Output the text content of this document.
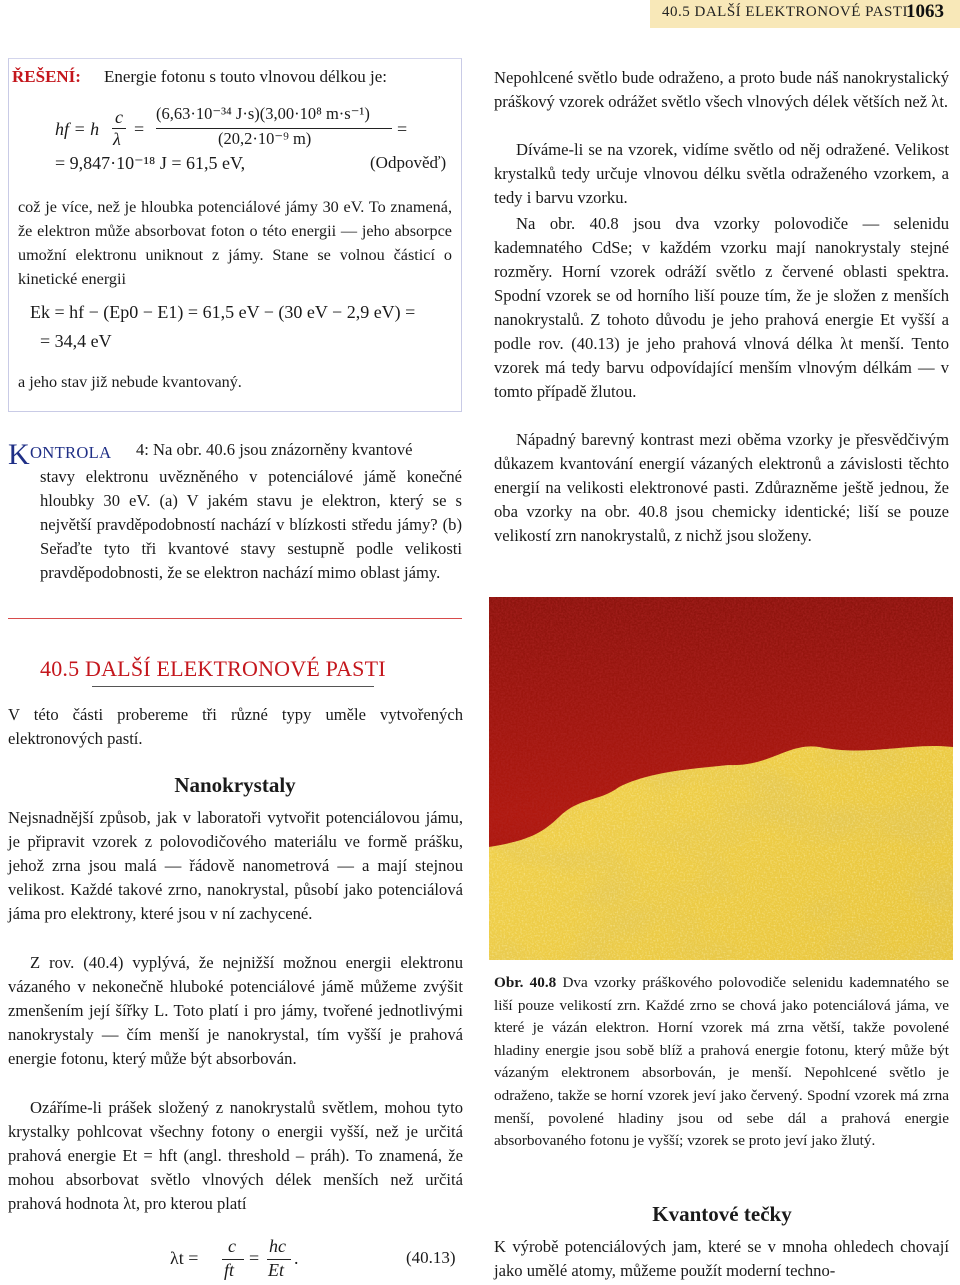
40.5 DALŠÍ ELEKTRONOVÉ PASTI
1063
ŘEŠENÍ: Energie fotonu s touto vlnovou délkou je:
hf = h
c
λ =
(6,63·10⁻³⁴ J·s)(3,00·10⁸ m·s⁻¹)
(20,2·10⁻⁹ m)	=
= 9,847·10⁻¹⁸ J = 61,5 eV,	(Odpověď)

což je více, než je hloubka potenciálové jámy 30 eV. To znamená, že elektron může absorbovat foton o této energii — jeho absorpce umožní elektronu uniknout z jámy. Stane se volnou částicí o kinetické energii

Ek = hf − (Ep0 − E1) = 61,5 eV − (30 eV − 2,9 eV) =
= 34,4 eV
a jeho stav již nebude kvantovaný.
K ONTROLA 4: Na obr. 40.6 jsou znázorněny kvantové

stavy elektronu uvězněného v potenciálové jámě konečné hloubky 30 eV. (a) V jakém stavu je elektron, který se s největší pravděpodobností nachází v blízkosti středu jámy? (b) Seřaďte tyto tři kvantové stavy sestupně podle velikosti pravděpodobnosti, že se elektron nachází mimo oblast jámy.

40.5 DALŠÍ ELEKTRONOVÉ PASTI

V této části probereme tři různé typy uměle vytvořených elektronových pastí.

Nanokrystaly

Nejsnadnější způsob, jak v laboratoři vytvořit potenciálovou jámu, je připravit vzorek z polovodičového materiálu ve formě prášku, jehož zrna jsou malá — řádově nanometrová — a mají stejnou velikost. Každé takové zrno, nanokrystal, působí jako potenciálová jáma pro elektrony, které jsou v ní zachycené.

Z rov. (40.4) vyplývá, že nejnižší možnou energii elektronu vázaného v nekonečně hluboké potenciálové jámě můžeme zvýšit zmenšením její šířky L. Toto platí i pro jámy, tvořené jednotlivými nanokrystaly — čím menší je nanokrystal, tím vyšší je prahová energie fotonu, který může být absorbován.

Ozáříme-li prášek složený z nanokrystalů světlem, mohou tyto krystalky pohlcovat všechny fotony o energii vyšší, než je určitá prahová energie Et = hft (angl. threshold – práh). To znamená, že mohou absorbovat světlo vlnových délek menších než určitá prahová hodnota λt, pro kterou platí

λt =
c
ft
=
hc
Et
.	(40.13)

Nepohlcené světlo bude odraženo, a proto bude náš nanokrystalický práškový vzorek odrážet světlo všech vlnových délek větších než λt.

Díváme-li se na vzorek, vidíme světlo od něj odražené. Velikost krystalků tedy určuje vlnovou délku světla odraženého vzorkem, a tedy i barvu vzorku.

Na obr. 40.8 jsou dva vzorky polovodiče — selenidu kademnatého CdSe; v každém vzorku mají nanokrystaly stejné rozměry. Horní vzorek odráží světlo z červené oblasti spektra. Spodní vzorek se od horního liší pouze tím, že je složen z menších nanokrystalů. Z tohoto důvodu je jeho prahová energie Et vyšší a podle rov. (40.13) je jeho prahová vlnová délka λt menší. Tento vzorek má tedy barvu odpovídající menším vlnovým délkám — v tomto případě žlutou.

Nápadný barevný kontrast mezi oběma vzorky je přesvědčivým důkazem kvantování energií vázaných elektronů a závislosti těchto energií na velikosti elektronové pasti. Zdůrazněme ještě jednou, že oba vzorky na obr. 40.8 jsou chemicky identické; liší se pouze velikostí zrn nanokrystalů, z nichž jsou složeny.

Obr. 40.8 Dva vzorky práškového polovodiče selenidu kademnatého se liší pouze velikostí zrn. Každé zrno se chová jako potenciálová jáma, ve které je vázán elektron. Horní vzorek má zrna větší, takže povolené hladiny energie jsou sobě blíž a prahová energie fotonu, který může být vázaným elektronem absorbován, je menší. Nepohlcené světlo je odraženo, takže se horní vzorek jeví jako červený. Spodní vzorek má zrna menší, povolené hladiny jsou od sebe dál a prahová energie absorbovaného fotonu je vyšší; vzorek se proto jeví jako žlutý.
Kvantové tečky

K výrobě potenciálových jam, které se v mnoha ohledech chovají jako umělé atomy, můžeme použít moderní techno-
